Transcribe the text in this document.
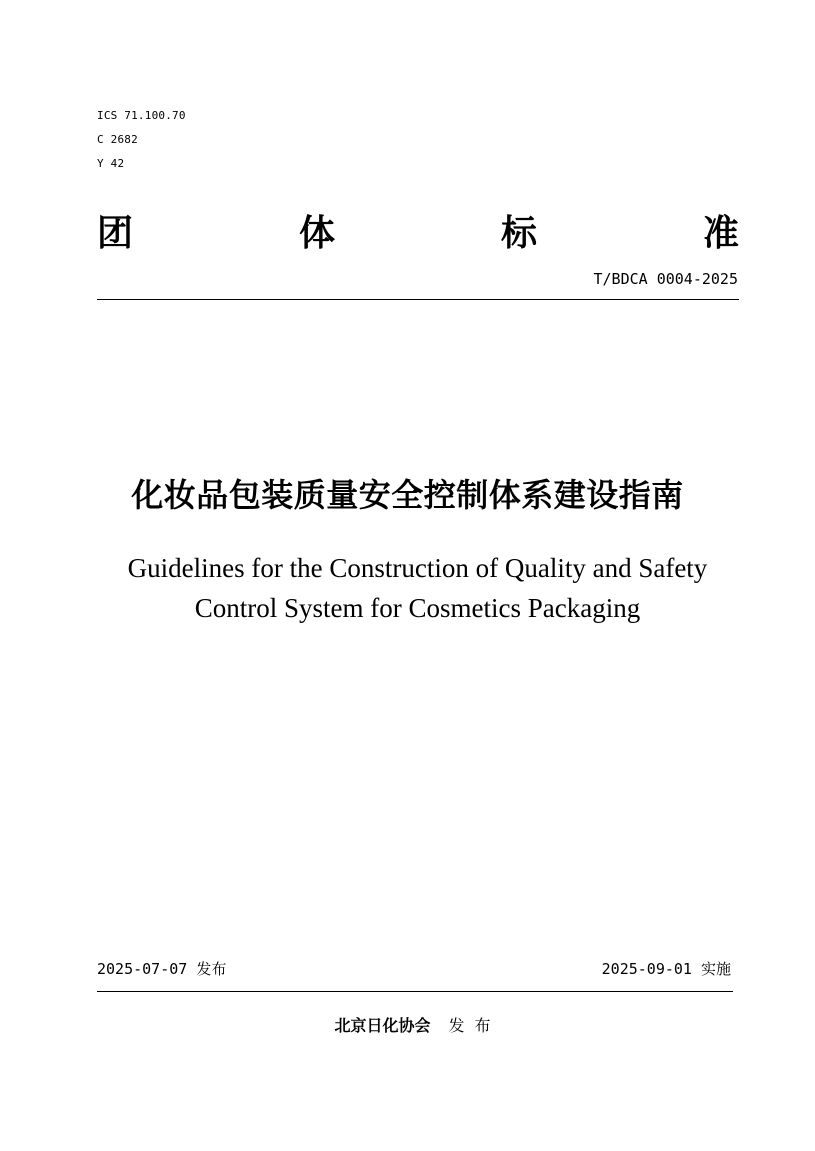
ICS 71.100.70
C 2682
Y 42
团	体	标	准
T/BDCA 0004-2025
化妆品包装质量安全控制体系建设指南
Guidelines for the Construction of Quality and Safety
Control System for Cosmetics Packaging
2025-07-07 发布	2025-09-01 实施
北京日化协会 发布
